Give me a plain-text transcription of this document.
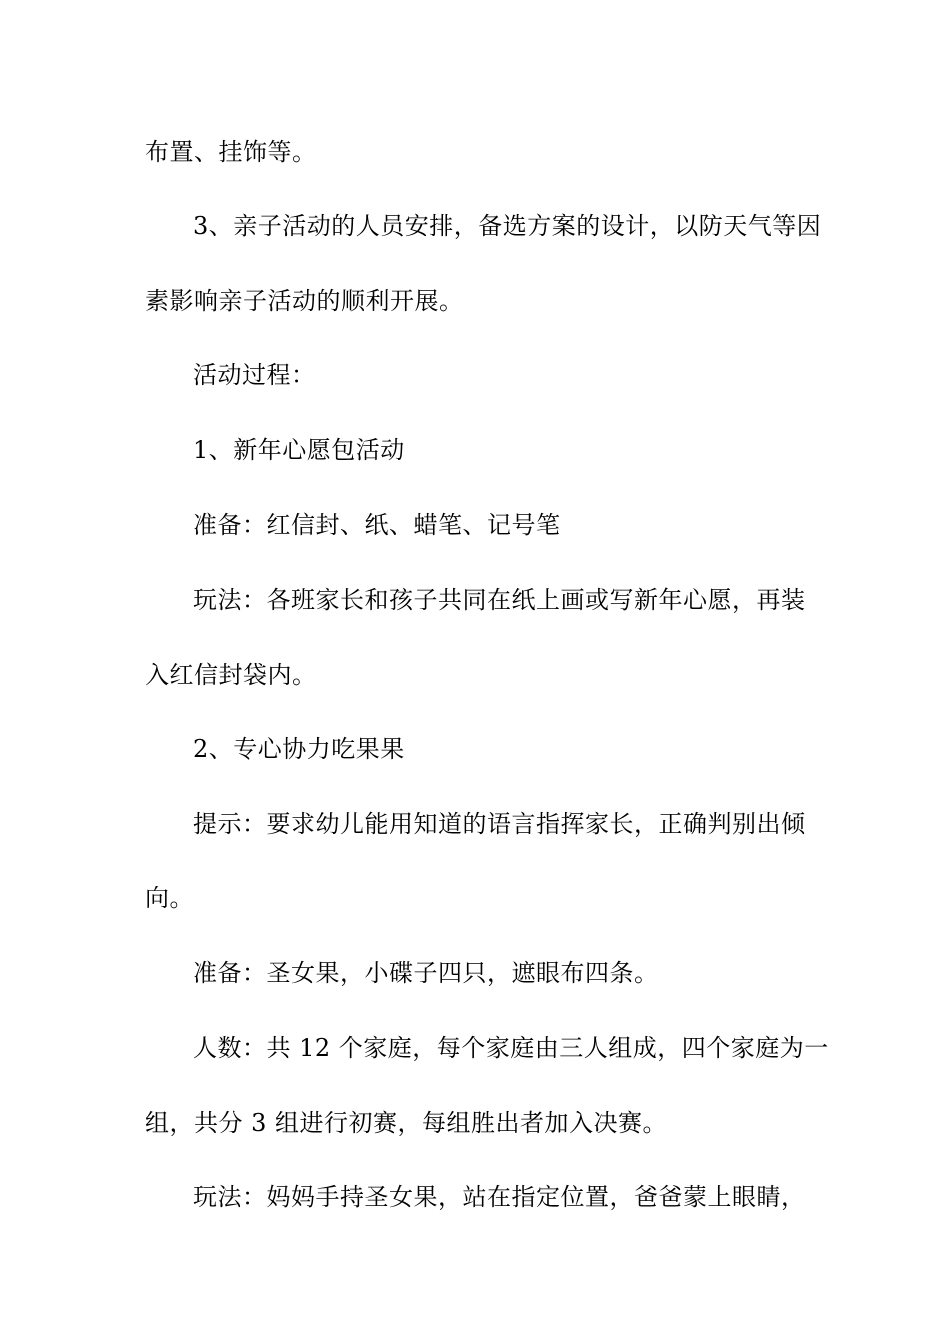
布置、挂饰等。
3、亲子活动的人员安排，备选方案的设计，以防天气等因
素影响亲子活动的顺利开展。
活动过程：
1、新年心愿包活动
准备：红信封、纸、蜡笔、记号笔
玩法：各班家长和孩子共同在纸上画或写新年心愿，再装
入红信封袋内。
2、专心协力吃果果
提示：要求幼儿能用知道的语言指挥家长，正确判别出倾
向。
准备：圣女果，小碟子四只，遮眼布四条。
人数：共 12 个家庭，每个家庭由三人组成，四个家庭为一
组，共分 3 组进行初赛，每组胜出者加入决赛。
玩法：妈妈手持圣女果，站在指定位置，爸爸蒙上眼睛，
